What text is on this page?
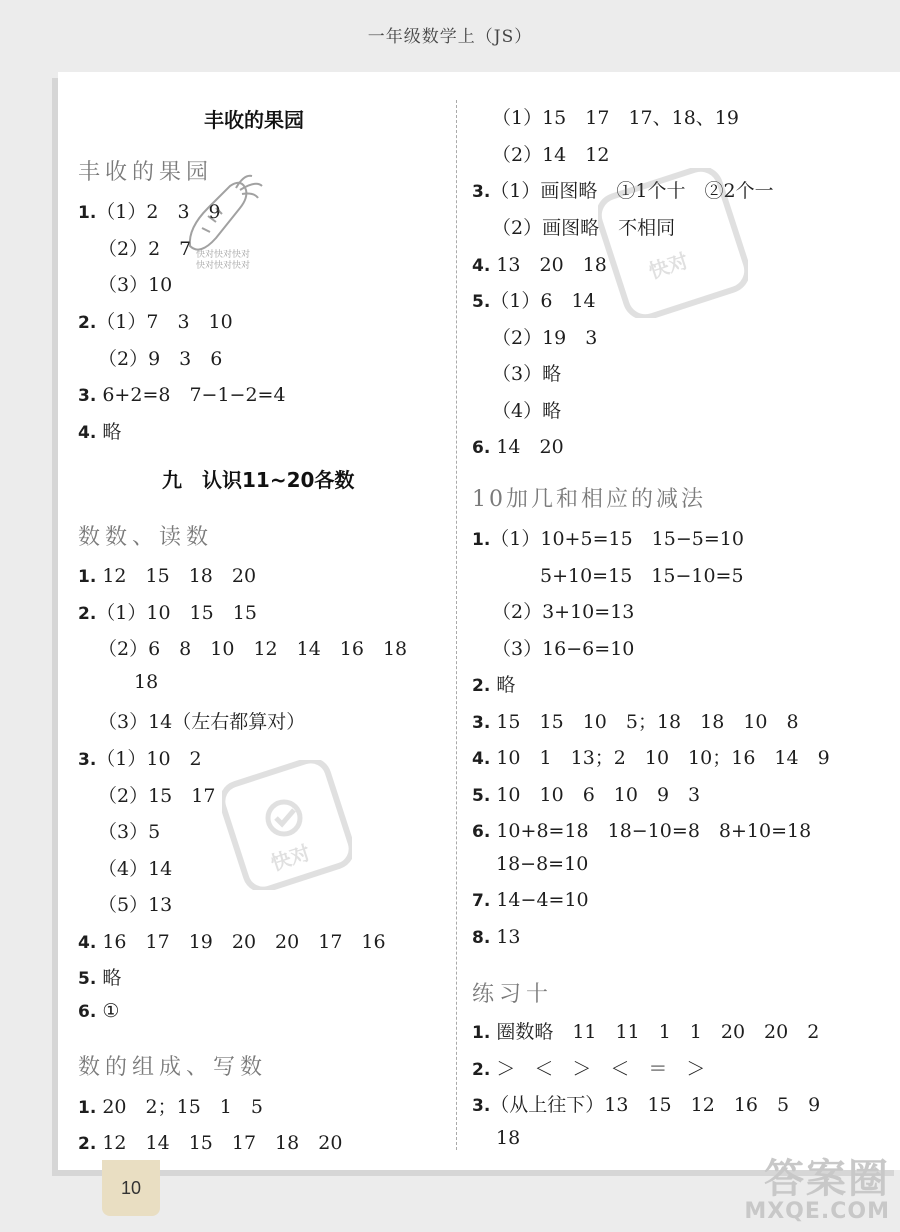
一年级数学上（JS）
丰收的果园
丰收的果园
1.（1）2　3　9
（2）2　7
（3）10
2.（1）7　3　10
（2）9　3　6
3. 6+2=8　7−1−2=4
4. 略
九　认识11~20各数
数数、读数
1. 12　15　18　20
2.（1）10　15　15
（2）6　8　10　12　14　16　18
18
（3）14（左右都算对）
3.（1）10　2
（2）15　17
（3）5
（4）14
（5）13
4. 16　17　19　20　20　17　16
5. 略
6. ①
数的组成、写数
1. 20　2；15　1　5
2. 12　14　15　17　18　20
（1）15　17　17、18、19
（2）14　12
3.（1）画图略　①1个十　②2个一
（2）画图略　不相同
4. 13　20　18
5.（1）6　14
（2）19　3
（3）略
（4）略
6. 14　20
10加几和相应的减法
1.（1）10+5=15　15−5=10
5+10=15　15−10=5
（2）3+10=13
（3）16−6=10
2. 略
3. 15　15　10　5；18　18　10　8
4. 10　1　13；2　10　10；16　14　9
5. 10　10　6　10　9　3
6. 10+8=18　18−10=8　8+10=18
18−8=10
7. 14−4=10
8. 13
练习十
1. 圈数略　11　11　1　1　20　20　2
2. ＞　＜　＞　＜　＝　＞
3.（从上往下）13　15　12　16　5　9
18
快对快对快对
快对快对快对
快对
快对
答案圈
MXQE.COM
10
